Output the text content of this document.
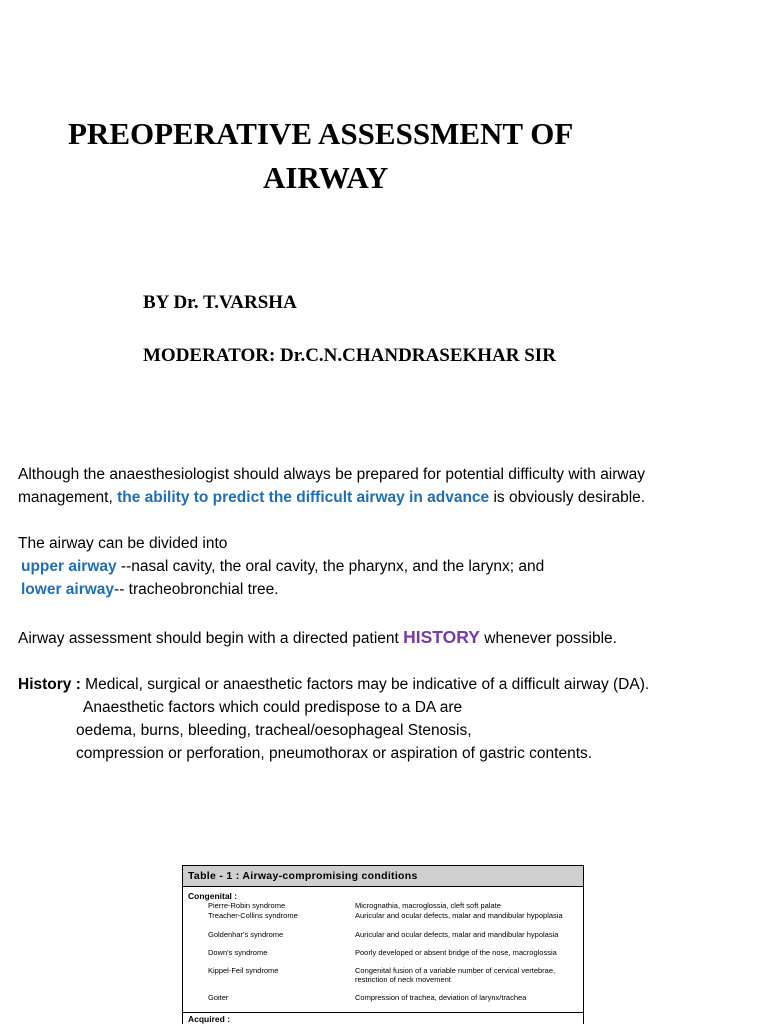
PREOPERATIVE ASSESSMENT OF
AIRWAY
BY Dr. T.VARSHA
MODERATOR: Dr.C.N.CHANDRASEKHAR SIR

Although the anaesthesiologist should always be prepared for potential difficulty with airway

management, the ability to predict the difficult airway in advance is obviously desirable.

The airway can be divided into

upper airway --nasal cavity, the oral cavity, the pharynx, and the larynx; and

lower airway-- tracheobronchial tree.

Airway assessment should begin with a directed patient HISTORY whenever possible.

History : Medical, surgical or anaesthetic factors may be indicative of a difficult airway (DA).

Anaesthetic factors which could predispose to a DA are

oedema, burns, bleeding, tracheal/oesophageal Stenosis,

compression or perforation, pneumothorax or aspiration of gastric contents.

Table - 1 : Airway-compromising conditions
Congenital :
Pierre-Robin syndrome	Micrognathia, macroglossia, cleft soft palate
Treacher-Collins syndrome	Auricular and ocular defects, malar and mandibular hypoplasia
Goldenhar's syndrome	Auricular and ocular defects, malar and mandibular hypolasia
Down's syndrome	Poorly developed or absent bridge of the nose, macroglossia
Kippel-Feil syndrome	Congenital fusion of a variable number of cervical vertebrae, restriction of neck movement
Goiter	Compression of trachea, deviation of larynx/trachea
Acquired :
